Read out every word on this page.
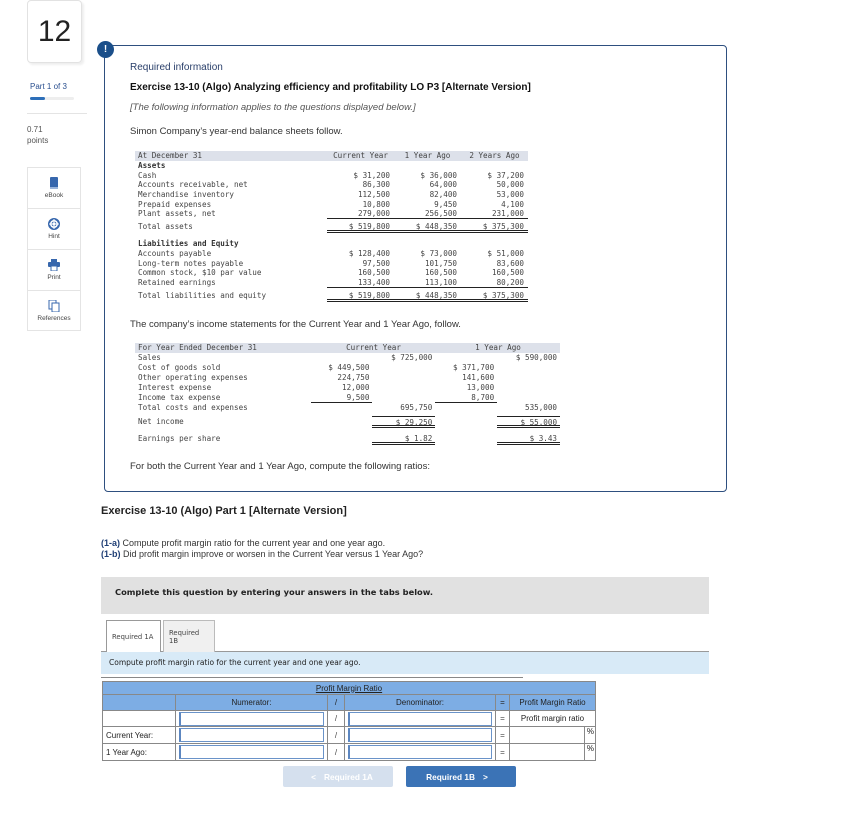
12
Part 1 of 3
0.71
points
eBook
Hint
Print
References
!
Required information
Exercise 13-10 (Algo) Analyzing efficiency and profitability LO P3 [Alternate Version]
[The following information applies to the questions displayed below.]
Simon Company’s year-end balance sheets follow.
At December 31	Current Year	1 Year Ago	2 Years Ago
Assets
Cash	$ 31,200	$ 36,000	$ 37,200
Accounts receivable, net	86,300	64,000	50,000
Merchandise inventory	112,500	82,400	53,000
Prepaid expenses	10,800	9,450	4,100
Plant assets, net	279,000	256,500	231,000
Total assets	$ 519,800	$ 448,350	$ 375,300
Liabilities and Equity
Accounts payable	$ 128,400	$ 73,000	$ 51,000
Long-term notes payable	97,500	101,750	83,600
Common stock, $10 par value	160,500	160,500	160,500
Retained earnings	133,400	113,100	80,200
Total liabilities and equity	$ 519,800	$ 448,350	$ 375,300
The company’s income statements for the Current Year and 1 Year Ago, follow.
For Year Ended December 31	Current Year	1 Year Ago
Sales	$ 725,000	$ 590,000
Cost of goods sold	$ 449,500	$ 371,700
Other operating expenses	224,750	141,600
Interest expense	12,000	13,000
Income tax expense	9,500	8,700
Total costs and expenses	695,750	535,000
Net income	$ 29,250	$ 55,000
Earnings per share	$ 1.82	$ 3.43
For both the Current Year and 1 Year Ago, compute the following ratios:
Exercise 13-10 (Algo) Part 1 [Alternate Version]
(1-a) Compute profit margin ratio for the current year and one year ago.
(1-b) Did profit margin improve or worsen in the Current Year versus 1 Year Ago?
Complete this question by entering your answers in the tabs below.
Required 1A
Required 1B
Compute profit margin ratio for the current year and one year ago.
Profit Margin Ratio					
	Numerator:	/	Denominator:	=	Profit Margin Ratio
		/		=	Profit margin ratio
Current Year:		/		=	%

1 Year Ago:		/		=	%
< Required 1A	Required 1B >
